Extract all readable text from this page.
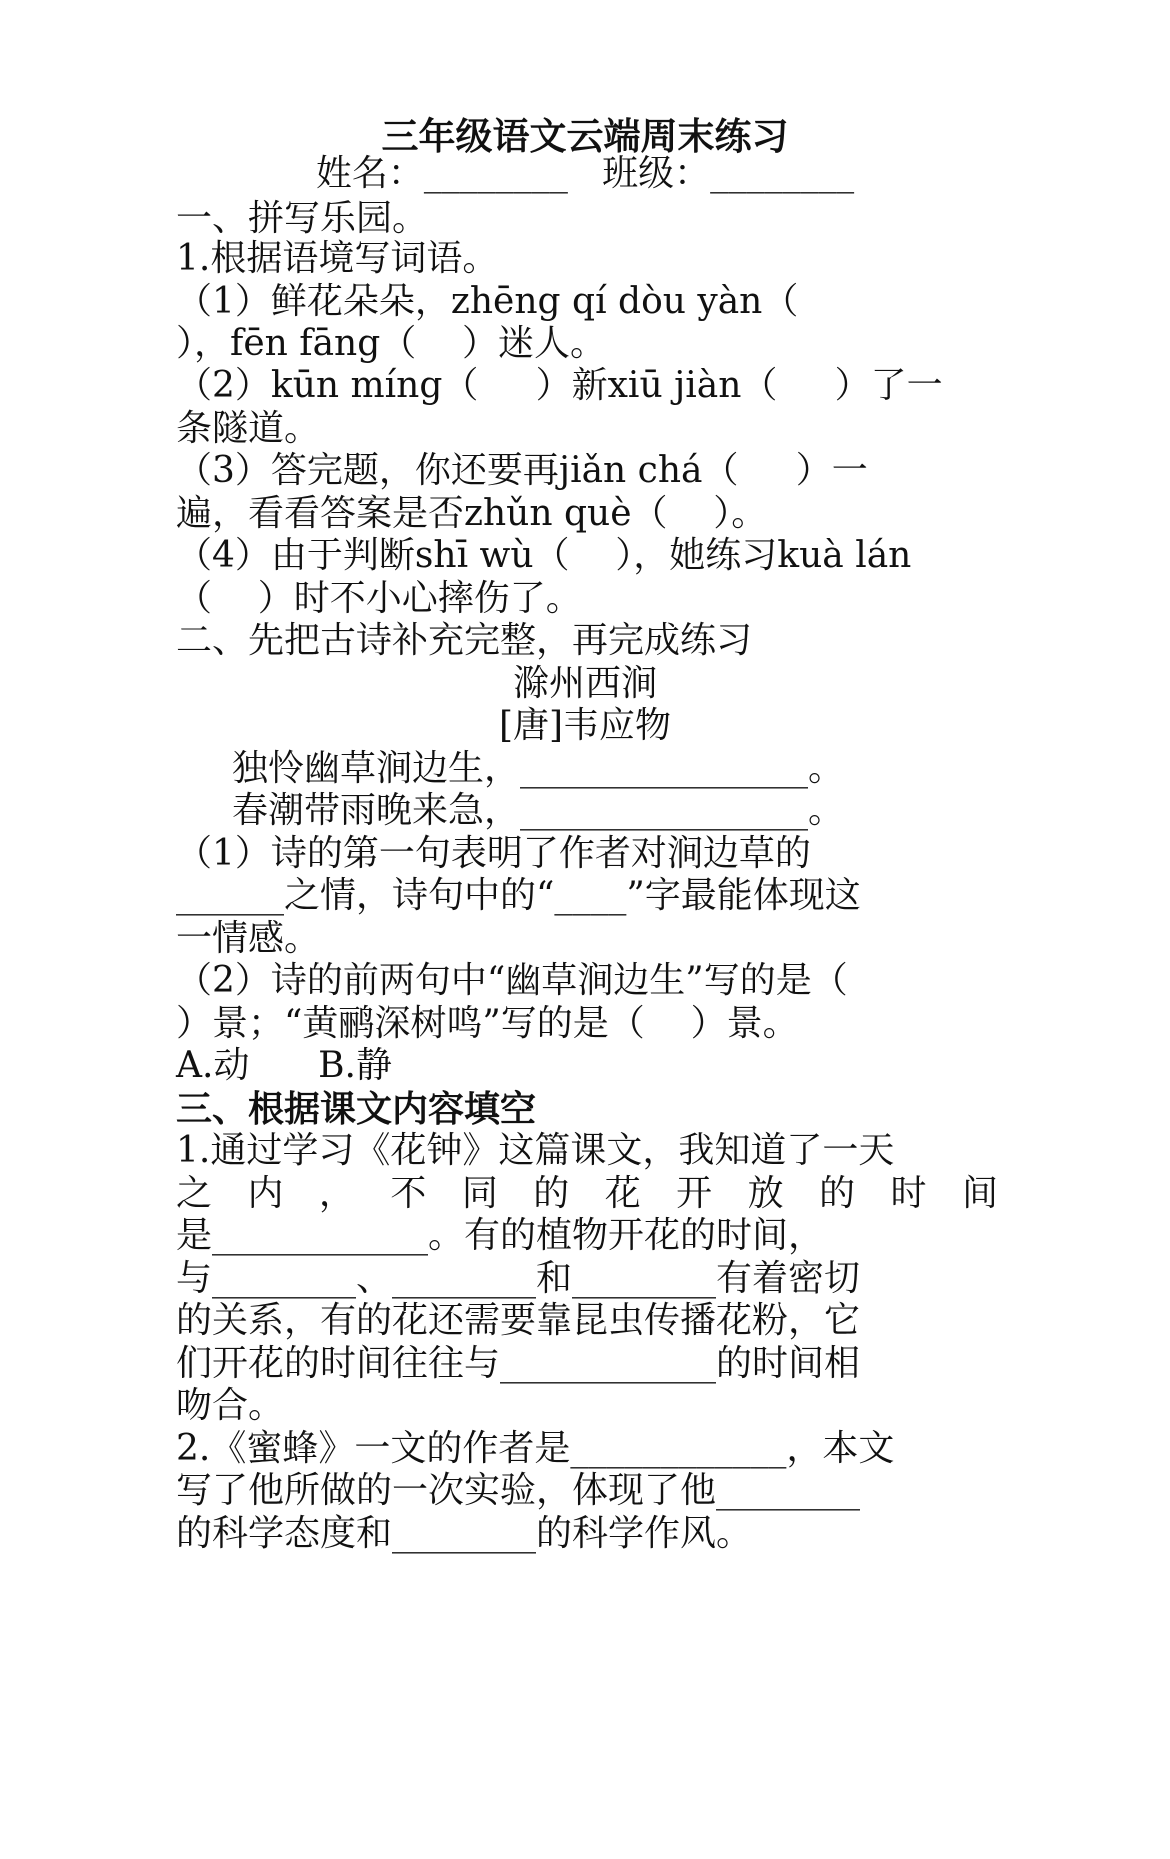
三年级语文云端周末练习
姓名：________   班级：________
一、拼写乐园。
1.根据语境写词语。
（1）鲜花朵朵，zhēng qí dòu yàn（
），fēn fāng（    ）迷人。
（2）kūn míng（     ）新xiū jiàn（     ）了一
条隧道。
（3）答完题，你还要再jiǎn chá（     ）一
遍，看看答案是否zhǔn què（    ）。
（4）由于判断shī wù（    ），她练习kuà lán
（    ）时不小心摔伤了。
二、先把古诗补充完整，再完成练习
滁州西涧
[唐]韦应物
独怜幽草涧边生，________________。
春潮带雨晚来急，________________。
（1）诗的第一句表明了作者对涧边草的
______之情，诗句中的“____”字最能体现这
一情感。
（2）诗的前两句中“幽草涧边生”写的是（
）景；“黄鹂深树鸣”写的是（    ）景。
A.动      B.静
三、根据课文内容填空
1.通过学习《花钟》这篇课文，我知道了一天
之 内 ， 不 同 的 花 开 放 的 时 间
是____________。有的植物开花的时间，
与________、________和________有着密切
的关系，有的花还需要靠昆虫传播花粉，它
们开花的时间往往与____________的时间相
吻合。
2.《蜜蜂》一文的作者是____________，本文
写了他所做的一次实验，体现了他________
的科学态度和________的科学作风。
